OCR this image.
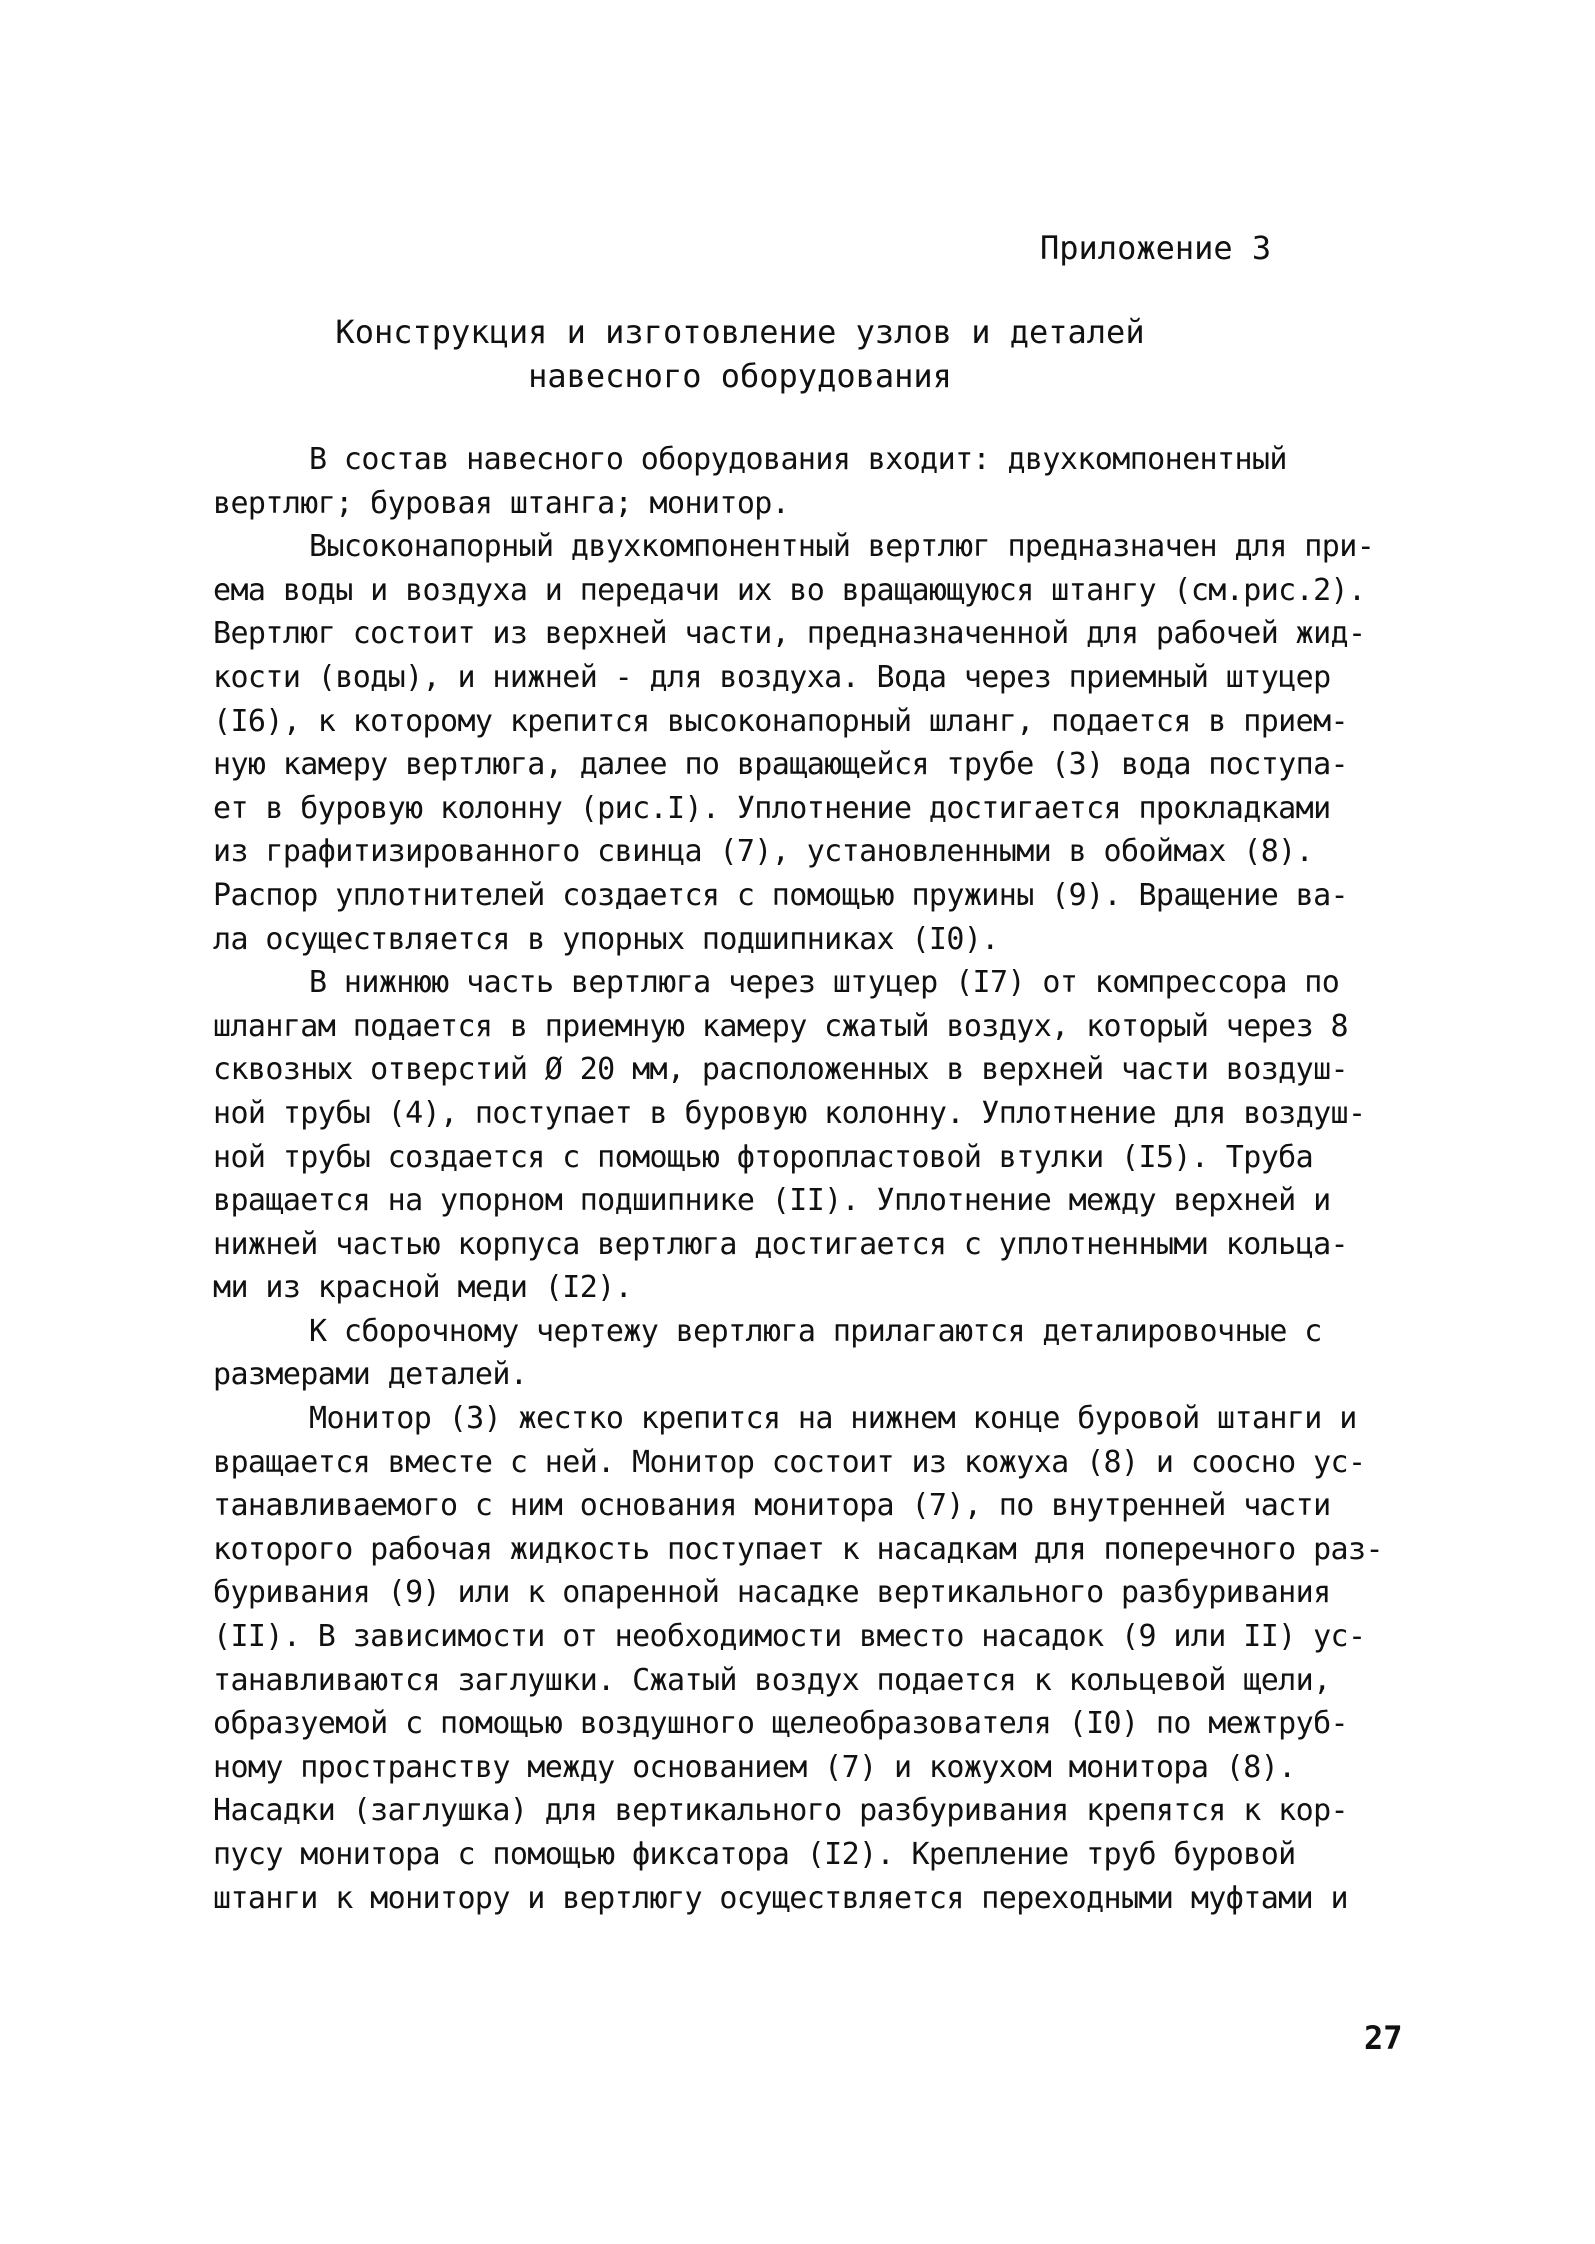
Приложение 3
Конструкция и изготовление узлов и деталей
навесного оборудования
В состав навесного оборудования входит: двухкомпонентный
вертлюг; буровая штанга; монитор.
Высоконапорный двухкомпонентный вертлюг предназначен для при-
ема воды и воздуха и передачи их во вращающуюся штангу (см.рис.2).
Вертлюг состоит из верхней части, предназначенной для рабочей жид-
кости (воды), и нижней - для воздуха. Вода через приемный штуцер
(I6), к которому крепится высоконапорный шланг, подается в прием-
ную камеру вертлюга, далее по вращающейся трубе (3) вода поступа-
ет в буровую колонну (рис.I). Уплотнение достигается прокладками
из графитизированного свинца (7), установленными в обоймах (8).
Распор уплотнителей создается с помощью пружины (9). Вращение ва-
ла осуществляется в упорных подшипниках (I0).
В нижнюю часть вертлюга через штуцер (I7) от компрессора по
шлангам подается в приемную камеру сжатый воздух, который через 8
сквозных отверстий Ø 20 мм, расположенных в верхней части воздуш-
ной трубы (4), поступает в буровую колонну. Уплотнение для воздуш-
ной трубы создается с помощью фторопластовой втулки (I5). Труба
вращается на упорном подшипнике (II). Уплотнение между верхней и
нижней частью корпуса вертлюга достигается с уплотненными кольца-
ми из красной меди (I2).
К сборочному чертежу вертлюга прилагаются деталировочные с
размерами деталей.
Монитор (3) жестко крепится на нижнем конце буровой штанги и
вращается вместе с ней. Монитор состоит из кожуха (8) и соосно ус-
танавливаемого с ним основания монитора (7), по внутренней части
которого рабочая жидкость поступает к насадкам для поперечного раз-
буривания (9) или к опаренной насадке вертикального разбуривания
(II). В зависимости от необходимости вместо насадок (9 или II) ус-
танавливаются заглушки. Сжатый воздух подается к кольцевой щели,
образуемой с помощью воздушного щелеобразователя (I0) по межтруб-
ному пространству между основанием (7) и кожухом монитора (8).
Насадки (заглушка) для вертикального разбуривания крепятся к кор-
пусу монитора с помощью фиксатора (I2). Крепление труб буровой
штанги к монитору и вертлюгу осуществляется переходными муфтами и
27
